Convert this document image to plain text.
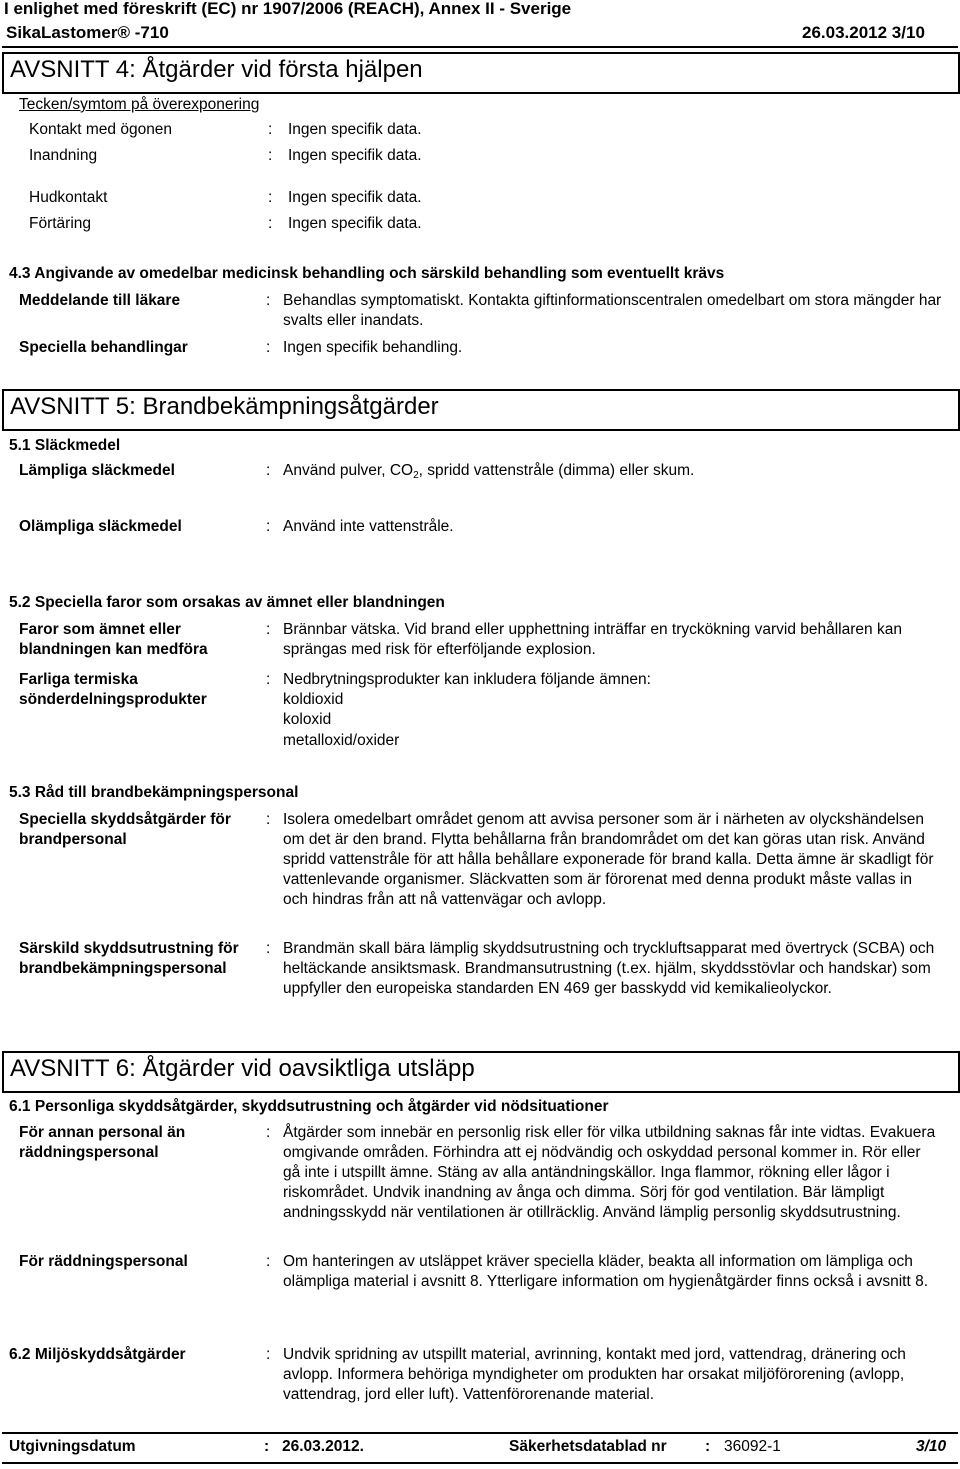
I enlighet med föreskrift (EC) nr 1907/2006 (REACH), Annex II - Sverige
SikaLastomer® -710	26.03.2012 3/10
AVSNITT 4: Åtgärder vid första hjälpen
Tecken/symtom på överexponering
Kontakt med ögonen	: Ingen specifik data.
Inandning	: Ingen specifik data.
Hudkontakt	: Ingen specifik data.
Förtäring	: Ingen specifik data.
4.3 Angivande av omedelbar medicinsk behandling och särskild behandling som eventuellt krävs
Meddelande till läkare	: Behandlas symptomatiskt. Kontakta giftinformationscentralen omedelbart om stora mängder har svalts eller inandats.
Speciella behandlingar	: Ingen specifik behandling.
AVSNITT 5: Brandbekämpningsåtgärder
5.1 Släckmedel
Lämpliga släckmedel	: Använd pulver, $CO_2$, spridd vattenstråle (dimma) eller skum.
Olämpliga släckmedel	: Använd inte vattenstråle.
5.2 Speciella faror som orsakas av ämnet eller blandningen
Faror som ämnet eller blandningen kan medföra
: Brännbar vätska. Vid brand eller upphettning inträffar en tryckökning varvid behållaren kan sprängas med risk för efterföljande explosion.
Farliga termiska sönderdelningsprodukter
: Nedbrytningsprodukter kan inkludera följande ämnen:
koldioxid
koloxid
metalloxid/oxider
5.3 Råd till brandbekämpningspersonal
Speciella skyddsåtgärder för brandpersonal
: Isolera omedelbart området genom att avvisa personer som är i närheten av olyckshändelsen om det är den brand. Flytta behållarna från brandområdet om det kan göras utan risk. Använd spridd vattenstråle för att hålla behållare exponerade för brand kalla. Detta ämne är skadligt för vattenlevande organismer. Släckvatten som är förorenat med denna produkt måste vallas in och hindras från att nå vattenvägar och avlopp.
Särskild skyddsutrustning för brandbekämpningspersonal
: Brandmän skall bära lämplig skyddsutrustning och tryckluftsapparat med övertryck (SCBA) och heltäckande ansiktsmask. Brandmansutrustning (t.ex. hjälm, skyddsstövlar och handskar) som uppfyller den europeiska standarden EN 469 ger basskydd vid kemikalieolyckor.
AVSNITT 6: Åtgärder vid oavsiktliga utsläpp
6.1 Personliga skyddsåtgärder, skyddsutrustning och åtgärder vid nödsituationer
För annan personal än räddningspersonal
: Åtgärder som innebär en personlig risk eller för vilka utbildning saknas får inte vidtas. Evakuera omgivande områden. Förhindra att ej nödvändig och oskyddad personal kommer in. Rör eller gå inte i utspillt ämne. Stäng av alla antändningskällor. Inga flammor, rökning eller lågor i riskområdet. Undvik inandning av ånga och dimma. Sörj för god ventilation. Bär lämpligt andningsskydd när ventilationen är otillräcklig. Använd lämplig personlig skyddsutrustning.
För räddningspersonal	: Om hanteringen av utsläppet kräver speciella kläder, beakta all information om lämpliga och olämpliga material i avsnitt 8. Ytterligare information om hygienåtgärder finns också i avsnitt 8.
6.2 Miljöskyddsåtgärder	: Undvik spridning av utspillt material, avrinning, kontakt med jord, vattendrag, dränering och avlopp. Informera behöriga myndigheter om produkten har orsakat miljöförorening (avlopp, vattendrag, jord eller luft). Vattenförorenande material.
Utgivningsdatum	: 26.03.2012.	Säkerhetsdatablad nr : 36092-1	3/10
